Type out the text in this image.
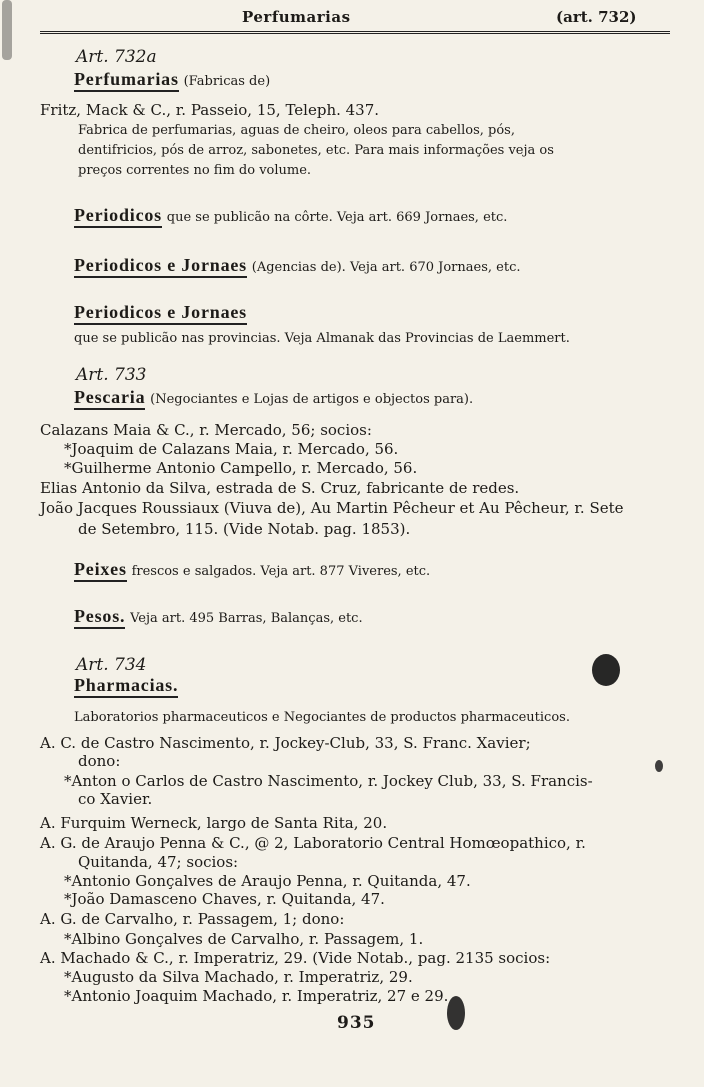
Perfumarias	(art. 732)
Art. 732a
Perfumarias (Fabricas de)
Fritz, Mack & C., r. Passeio, 15, Teleph. 437.
Fabrica de perfumarias, aguas de cheiro, oleos para cabellos, pós,
dentifricios, pós de arroz, sabonetes, etc. Para mais informações veja os
preços correntes no fim do volume.
Periodicos que se publicão na côrte. Veja art. 669 Jornaes, etc.
Periodicos e Jornaes (Agencias de). Veja art. 670 Jornaes, etc.
Periodicos e Jornaes
que se publicão nas provincias. Veja Almanak das Provincias de Laemmert.
Art. 733
Pescaria (Negociantes e Lojas de artigos e objectos para).
Calazans Maia & C., r. Mercado, 56; socios:
*Joaquim de Calazans Maia, r. Mercado, 56.
*Guilherme Antonio Campello, r. Mercado, 56.
Elias Antonio da Silva, estrada de S. Cruz, fabricante de redes.
João Jacques Roussiaux (Viuva de), Au Martin Pêcheur et Au Pêcheur, r. Sete
de Setembro, 115. (Vide Notab. pag. 1853).
Peixes frescos e salgados. Veja art. 877 Viveres, etc.
Pesos. Veja art. 495 Barras, Balanças, etc.
Art. 734
Pharmacias.
Laboratorios pharmaceuticos e Negociantes de productos pharmaceuticos.
A. C. de Castro Nascimento, r. Jockey-Club, 33, S. Franc. Xavier;
dono:
*Anton o Carlos de Castro Nascimento, r. Jockey Club, 33, S. Francis-
co Xavier.
A. Furquim Werneck, largo de Santa Rita, 20.
A. G. de Araujo Penna & C., @ 2, Laboratorio Central Homœopathico, r.
Quitanda, 47; socios:
*Antonio Gonçalves de Araujo Penna, r. Quitanda, 47.
*João Damasceno Chaves, r. Quitanda, 47.
A. G. de Carvalho, r. Passagem, 1; dono:
*Albino Gonçalves de Carvalho, r. Passagem, 1.
A. Machado & C., r. Imperatriz, 29. (Vide Notab., pag. 2135 socios:
*Augusto da Silva Machado, r. Imperatriz, 29.
*Antonio Joaquim Machado, r. Imperatriz, 27 e 29.
935
